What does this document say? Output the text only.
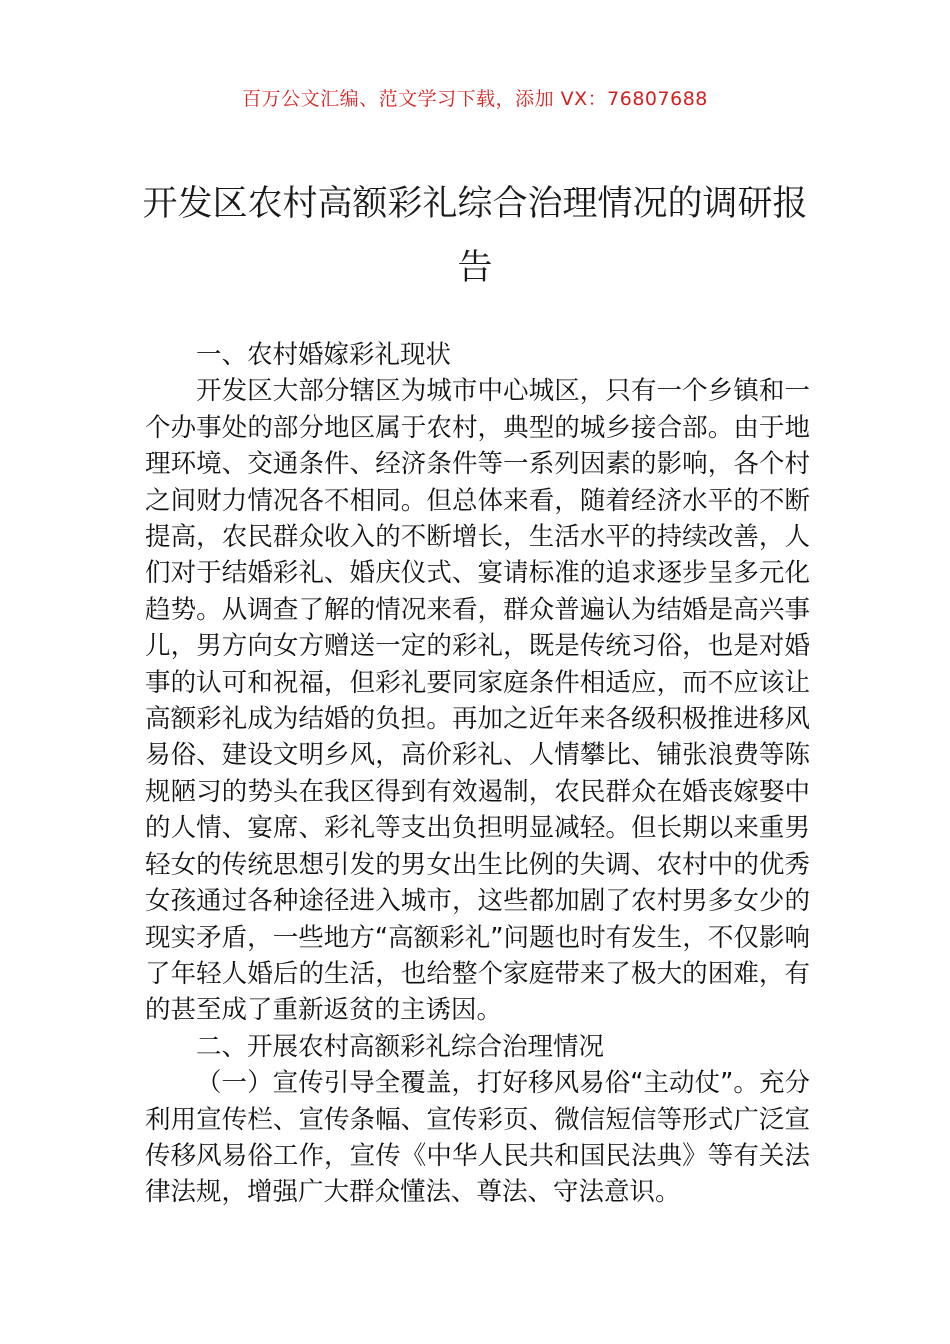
百万公文汇编、范文学习下载，添加 VX：76807688
开发区农村高额彩礼综合治理情况的调研报告

一、农村婚嫁彩礼现状

开发区大部分辖区为城市中心城区，只有一个乡镇和一个办事处的部分地区属于农村，典型的城乡接合部。由于地理环境、交通条件、经济条件等一系列因素的影响，各个村之间财力情况各不相同。但总体来看，随着经济水平的不断提高，农民群众收入的不断增长，生活水平的持续改善，人们对于结婚彩礼、婚庆仪式、宴请标准的追求逐步呈多元化趋势。从调查了解的情况来看，群众普遍认为结婚是高兴事儿，男方向女方赠送一定的彩礼，既是传统习俗，也是对婚事的认可和祝福，但彩礼要同家庭条件相适应，而不应该让高额彩礼成为结婚的负担。再加之近年来各级积极推进移风易俗、建设文明乡风，高价彩礼、人情攀比、铺张浪费等陈规陋习的势头在我区得到有效遏制，农民群众在婚丧嫁娶中的人情、宴席、彩礼等支出负担明显减轻。但长期以来重男轻女的传统思想引发的男女出生比例的失调、农村中的优秀女孩通过各种途径进入城市，这些都加剧了农村男多女少的现实矛盾，一些地方“高额彩礼”问题也时有发生，不仅影响了年轻人婚后的生活，也给整个家庭带来了极大的困难，有的甚至成了重新返贫的主诱因。

二、开展农村高额彩礼综合治理情况

（一）宣传引导全覆盖，打好移风易俗“主动仗”。充分利用宣传栏、宣传条幅、宣传彩页、微信短信等形式广泛宣传移风易俗工作，宣传《中华人民共和国民法典》等有关法律法规，增强广大群众懂法、尊法、守法意识。
